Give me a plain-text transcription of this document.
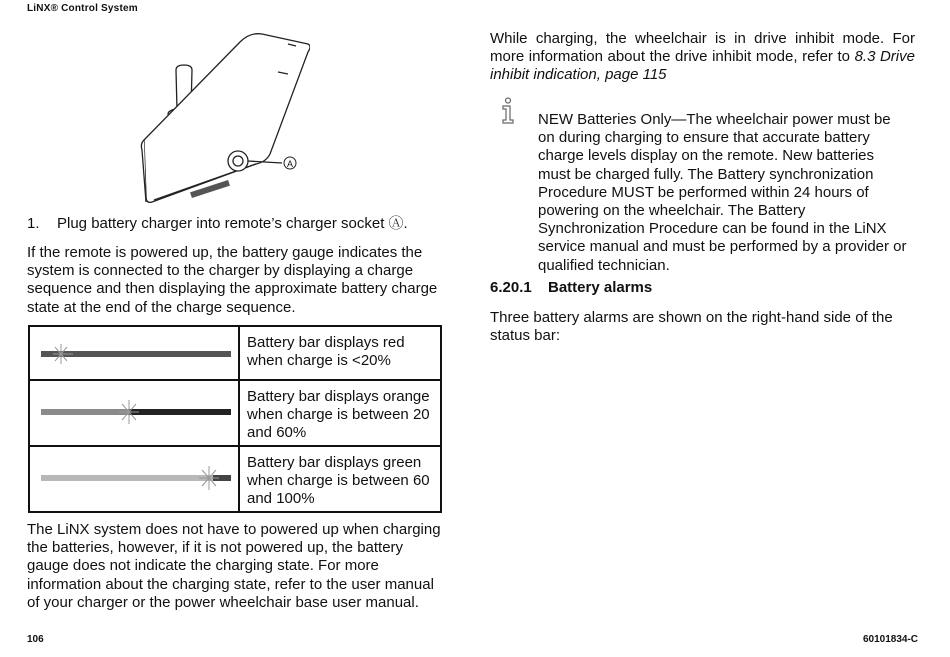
LiNX® Control System
A
1. Plug battery charger into remote’s charger socket Ⓐ.

If the remote is powered up, the battery gauge indicates the system is connected to the charger by displaying a charge sequence and then displaying the approximate battery charge state at the end of the charge sequence.

	Battery bar displays red when charge is <20%

	Battery bar displays orange when charge is between 20 and 60%

	Battery bar displays green when charge is between 60 and 100%

The LiNX system does not have to powered up when charging the batteries, however, if it is not powered up, the battery gauge does not indicate the charging state. For more information about the charging state, refer to the user manual of your charger or the power wheelchair base user manual.

While charging, the wheelchair is in drive inhibit mode. For more information about the drive inhibit mode, refer to 8.3 Drive inhibit indication, page 115

NEW Batteries Only—The wheelchair power must be on during charging to ensure that accurate battery charge levels display on the remote. New batteries must be charged fully. The Battery synchronization Procedure MUST be performed within 24 hours of powering on the wheelchair. The Battery Synchronization Procedure can be found in the LiNX service manual and must be performed by a provider or qualified technician.

6.20.1 Battery alarms

Three battery alarms are shown on the right-hand side of the status bar:

106	60101834-C
